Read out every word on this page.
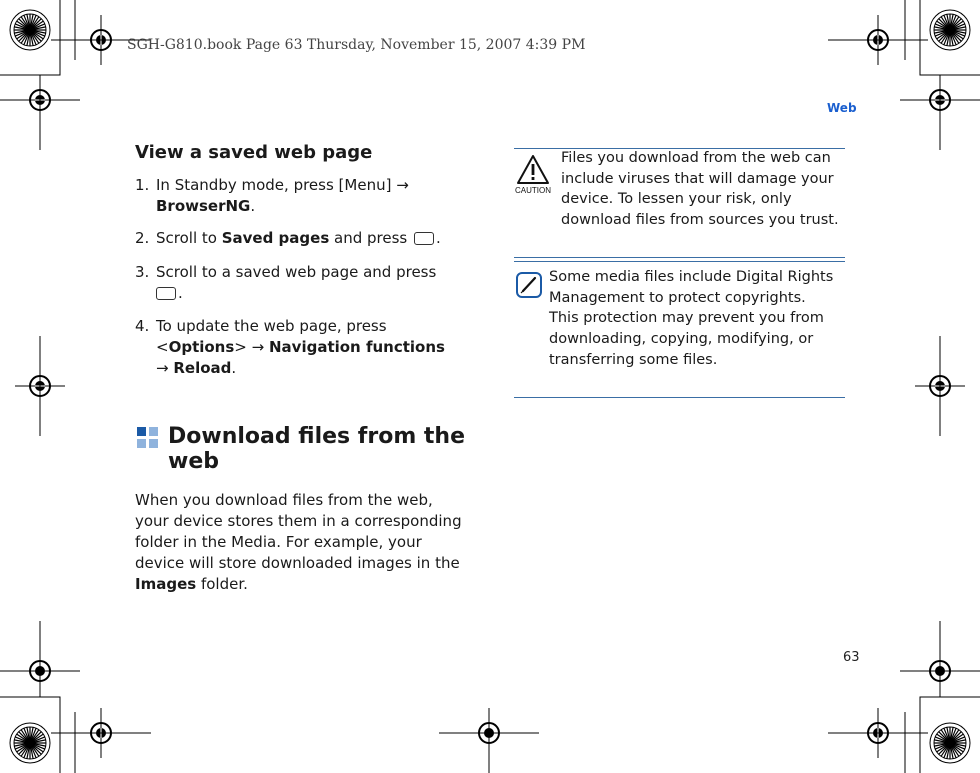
SGH-G810.book Page 63 Thursday, November 15, 2007 4:39 PM
Web
View a saved web page
1. In Standby mode, press [Menu] →
BrowserNG.
2. Scroll to Saved pages and press .
3. Scroll to a saved web page and press
.
4. To update the web page, press
<Options> → Navigation functions
→ Reload.
Download files from the web
When you download files from the web, your device stores them in a corresponding folder in the Media. For example, your device will store downloaded images in the Images folder.
CAUTION
Files you download from the web can include viruses that will damage your device. To lessen your risk, only download files from sources you trust.
Some media files include Digital Rights Management to protect copyrights. This protection may prevent you from downloading, copying, modifying, or transferring some files.
63
